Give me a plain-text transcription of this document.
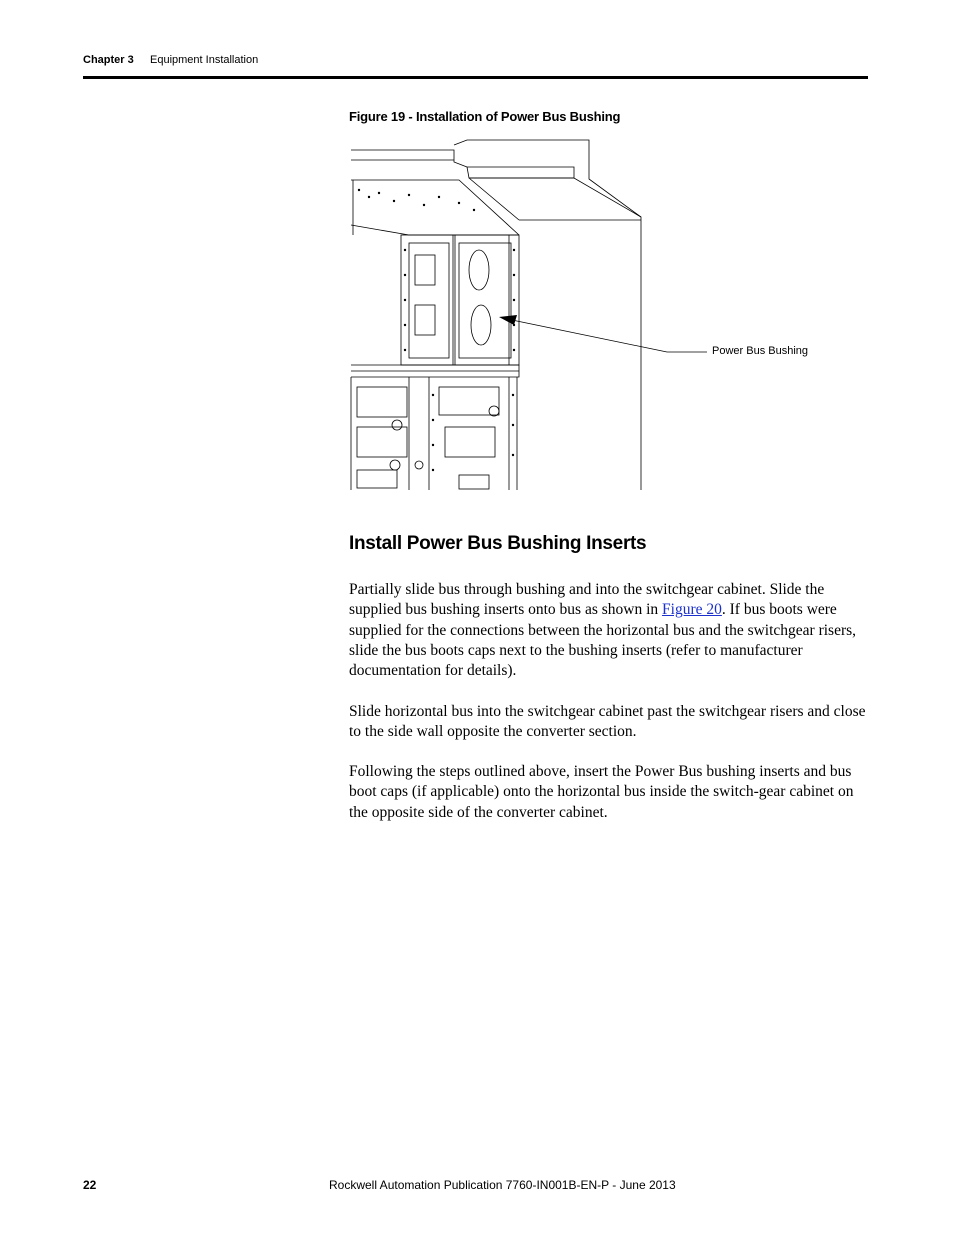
Chapter 3 Equipment Installation
Figure 19 - Installation of Power Bus Bushing
Power Bus Bushing
Install Power Bus Bushing Inserts

Partially slide bus through bushing and into the switchgear cabinet. Slide the supplied bus bushing inserts onto bus as shown in Figure 20. If bus boots were supplied for the connections between the horizontal bus and the switchgear risers, slide the bus boots caps next to the bushing inserts (refer to manufacturer documentation for details).

Slide horizontal bus into the switchgear cabinet past the switchgear risers and close to the side wall opposite the converter section.

Following the steps outlined above, insert the Power Bus bushing inserts and bus boot caps (if applicable) onto the horizontal bus inside the switch-gear cabinet on the opposite side of the converter cabinet.

22	Rockwell Automation Publication 7760-IN001B-EN-P - June 2013
